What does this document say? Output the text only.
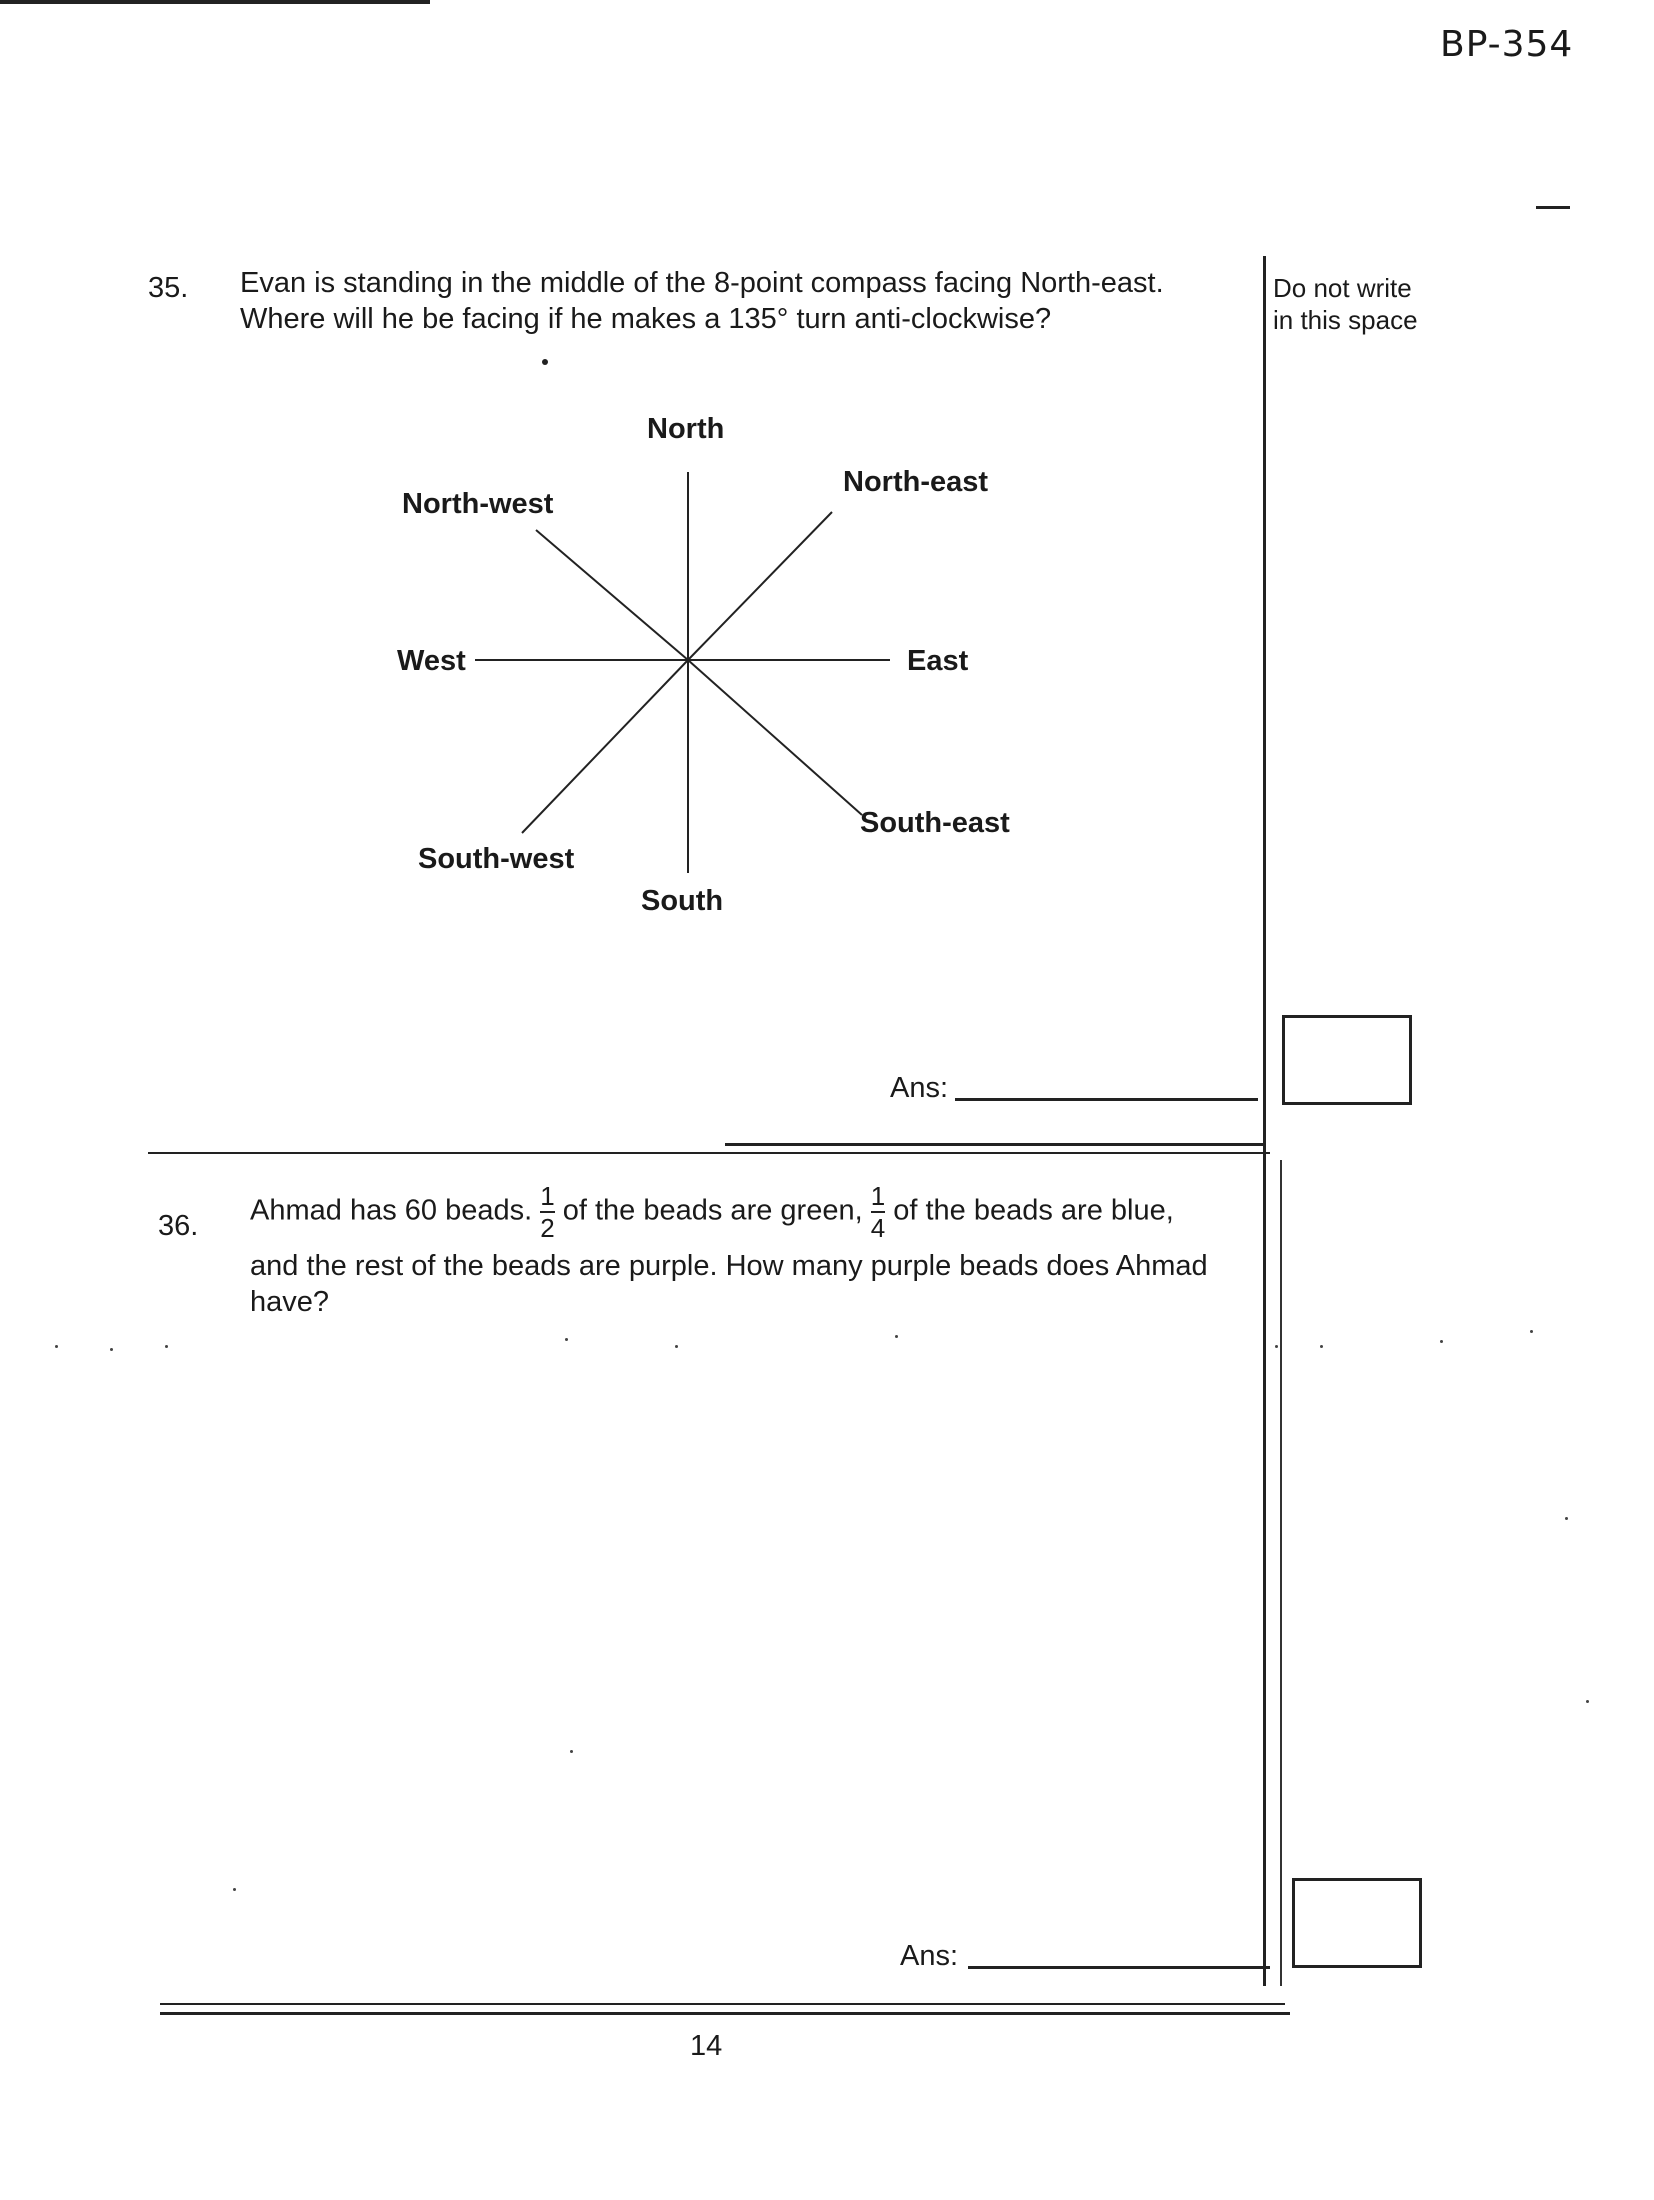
BP-354
Do not write
in this space
35. Evan is standing in the middle of the 8-point compass facing North-east.
Where will he be facing if he makes a 135° turn anti-clockwise?
North
North-east
North-west
West	East
South-east
South-west
South
Ans:
36. Ahmad has 60 beads. $\frac{1}{2}$ of the beads are green, $\frac{1}{4}$ of the beads are blue,
and the rest of the beads are purple. How many purple beads does Ahmad
have?
Ans:
14
